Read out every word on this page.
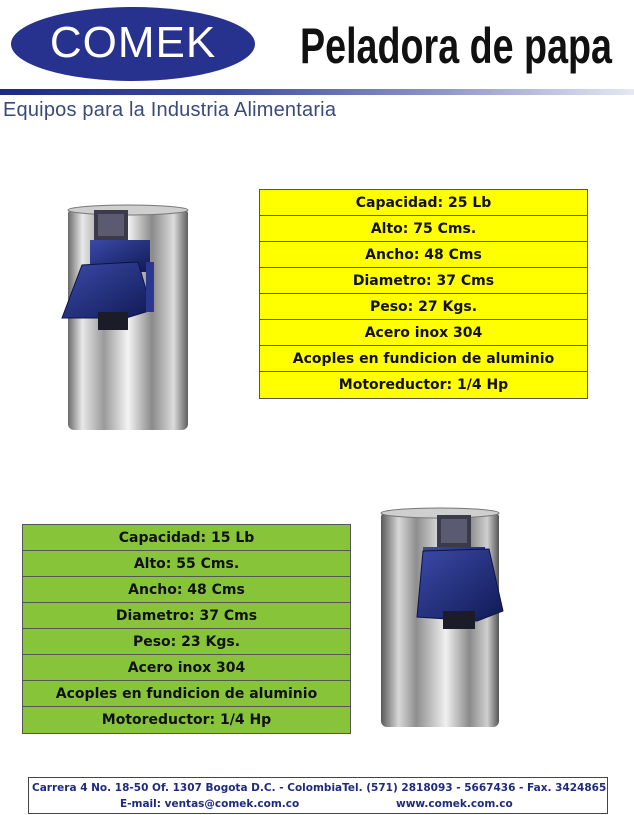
COMEK Peladora de papa
Equipos para la Industria Alimentaria
Capacidad: 25 Lb
Alto: 75 Cms.
Ancho: 48 Cms
Diametro: 37 Cms
Peso: 27 Kgs.
Acero inox 304
Acoples en fundicion de aluminio
Motoreductor: 1/4 Hp
Capacidad: 15 Lb
Alto: 55 Cms.
Ancho: 48 Cms
Diametro: 37 Cms
Peso: 23 Kgs.
Acero inox 304
Acoples en fundicion de aluminio
Motoreductor: 1/4 Hp
Carrera 4 No. 18-50 Of. 1307 Bogota D.C. - ColombiaTel. (571) 2818093 - 5667436 - Fax. 3424865
E-mail: ventas@comek.com.co	www.comek.com.co
